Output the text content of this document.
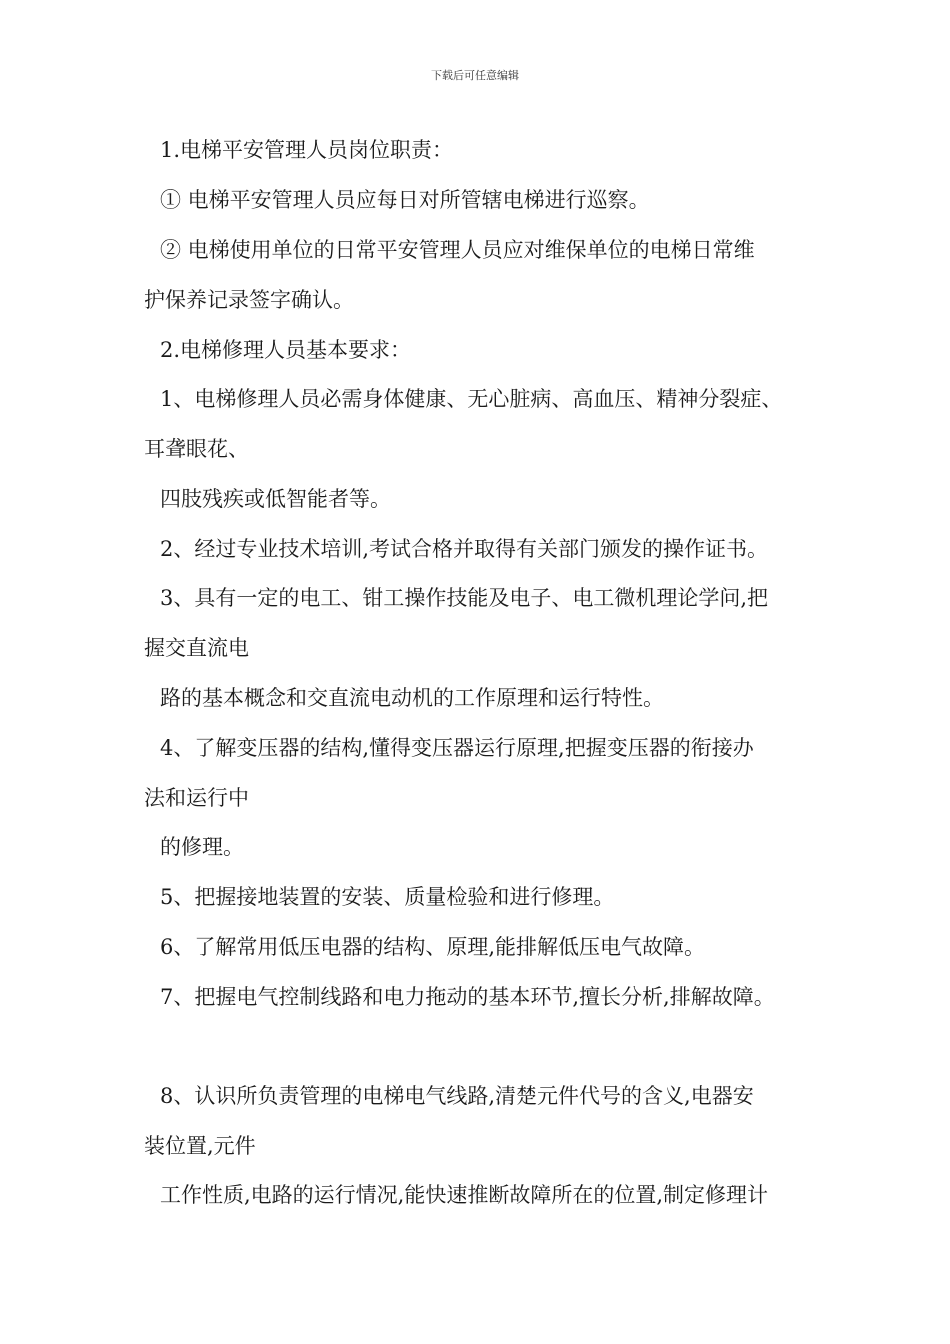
下载后可任意编辑
1.电梯平安管理人员岗位职责：
① 电梯平安管理人员应每日对所管辖电梯进行巡察。
② 电梯使用单位的日常平安管理人员应对维保单位的电梯日常维
护保养记录签字确认。
2.电梯修理人员基本要求：
1、电梯修理人员必需身体健康、无心脏病、高血压、精神分裂症、
耳聋眼花、
四肢残疾或低智能者等。
2、经过专业技术培训,考试合格并取得有关部门颁发的操作证书。
3、具有一定的电工、钳工操作技能及电子、电工微机理论学问,把
握交直流电
路的基本概念和交直流电动机的工作原理和运行特性。
4、了解变压器的结构,懂得变压器运行原理,把握变压器的衔接办
法和运行中
的修理。
5、把握接地装置的安装、质量检验和进行修理。
6、了解常用低压电器的结构、原理,能排解低压电气故障。
7、把握电气控制线路和电力拖动的基本环节,擅长分析,排解故障。
8、认识所负责管理的电梯电气线路,清楚元件代号的含义,电器安
装位置,元件
工作性质,电路的运行情况,能快速推断故障所在的位置,制定修理计
